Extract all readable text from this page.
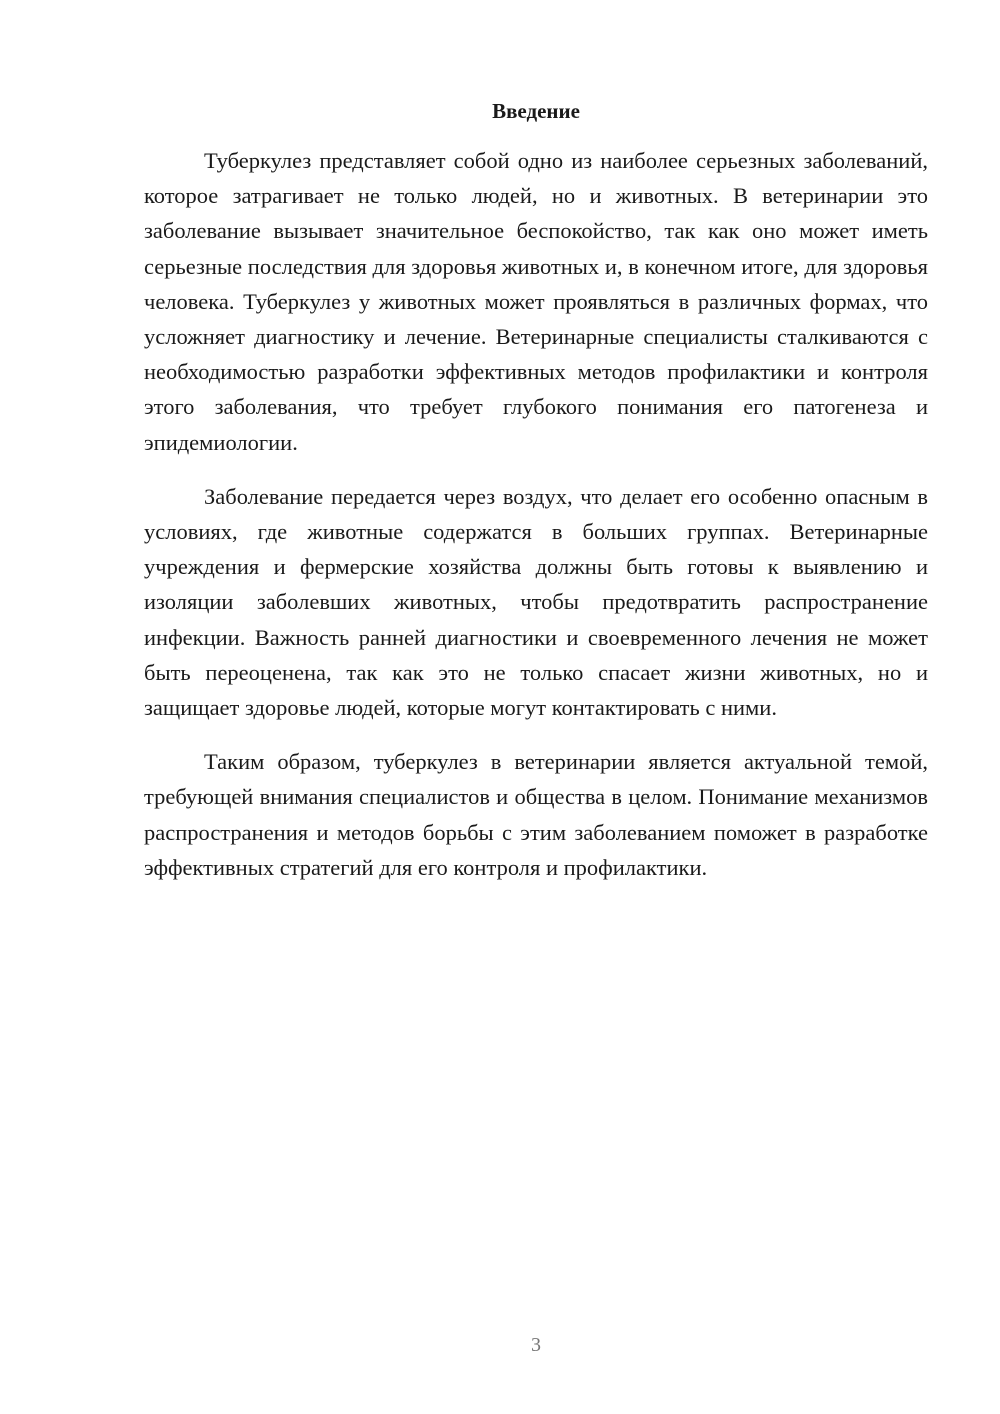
Введение

Туберкулез представляет собой одно из наиболее серьезных заболеваний, которое затрагивает не только людей, но и животных. В ветеринарии это заболевание вызывает значительное беспокойство, так как оно может иметь серьезные последствия для здоровья животных и, в конечном итоге, для здоровья человека. Туберкулез у животных может проявляться в различных формах, что усложняет диагностику и лечение. Ветеринарные специалисты сталкиваются с необходимостью разработки эффективных методов профилактики и контроля этого заболевания, что требует глубокого понимания его патогенеза и эпидемиологии.

Заболевание передается через воздух, что делает его особенно опасным в условиях, где животные содержатся в больших группах. Ветеринарные учреждения и фермерские хозяйства должны быть готовы к выявлению и изоляции заболевших животных, чтобы предотвратить распространение инфекции. Важность ранней диагностики и своевременного лечения не может быть переоценена, так как это не только спасает жизни животных, но и защищает здоровье людей, которые могут контактировать с ними.

Таким образом, туберкулез в ветеринарии является актуальной темой, требующей внимания специалистов и общества в целом. Понимание механизмов распространения и методов борьбы с этим заболеванием поможет в разработке эффективных стратегий для его контроля и профилактики.

3
